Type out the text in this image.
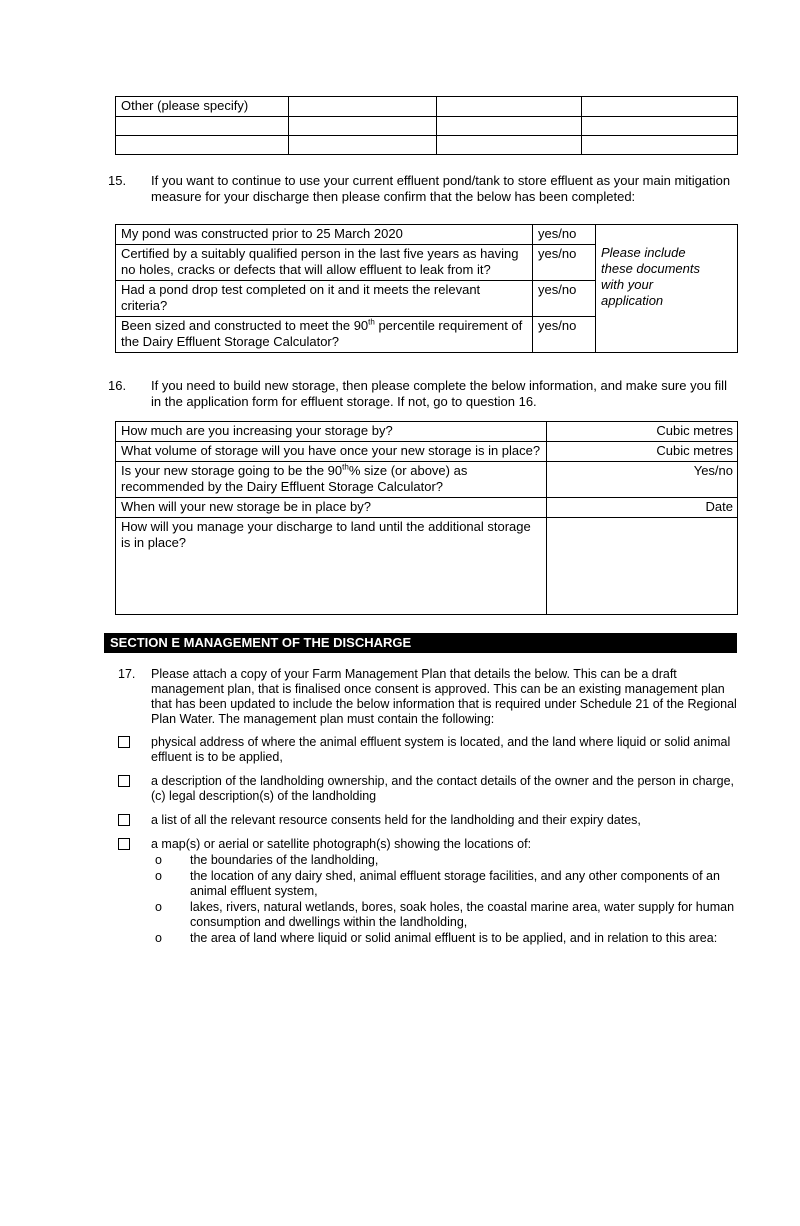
Other (please specify)			

15.	If you want to continue to use your current effluent pond/tank to store effluent as your main mitigation measure for your discharge then please confirm that the below has been completed:
My pond was constructed prior to 25 March 2020	yes/no	Please include these documents with your application

Certified by a suitably qualified person in the last five years as having no holes, cracks or defects that will allow effluent to leak from it?	yes/no	
Had a pond drop test completed on it and it meets the relevant criteria?	yes/no	
Been sized and constructed to meet the 90th percentile requirement of the Dairy Effluent Storage Calculator?	yes/no	
16.	If you need to build new storage, then please complete the below information, and make sure you fill in the application form for effluent storage. If not, go to question 16.
How much are you increasing your storage by?	Cubic metres
What volume of storage will you have once your new storage is in place?	Cubic metres
Is your new storage going to be the 90th% size (or above) as recommended by the Dairy Effluent Storage Calculator?	Yes/no
When will your new storage be in place by?	Date
How will you manage your discharge to land until the additional storage is in place?	
SECTION E MANAGEMENT OF THE DISCHARGE
17.	Please attach a copy of your Farm Management Plan that details the below. This can be a draft management plan, that is finalised once consent is approved. This can be an existing management plan that has been updated to include the below information that is required under Schedule 21 of the Regional Plan Water. The management plan must contain the following:
physical address of where the animal effluent system is located, and the land where liquid or solid animal effluent is to be applied,
a description of the landholding ownership, and the contact details of the owner and the person in charge, (c) legal description(s) of the landholding
a list of all the relevant resource consents held for the landholding and their expiry dates,
a map(s) or aerial or satellite photograph(s) showing the locations of:
o	the boundaries of the landholding,
o	the location of any dairy shed, animal effluent storage facilities, and any other components of an animal effluent system,
o	lakes, rivers, natural wetlands, bores, soak holes, the coastal marine area, water supply for human consumption and dwellings within the landholding,
o	the area of land where liquid or solid animal effluent is to be applied, and in relation to this area:
